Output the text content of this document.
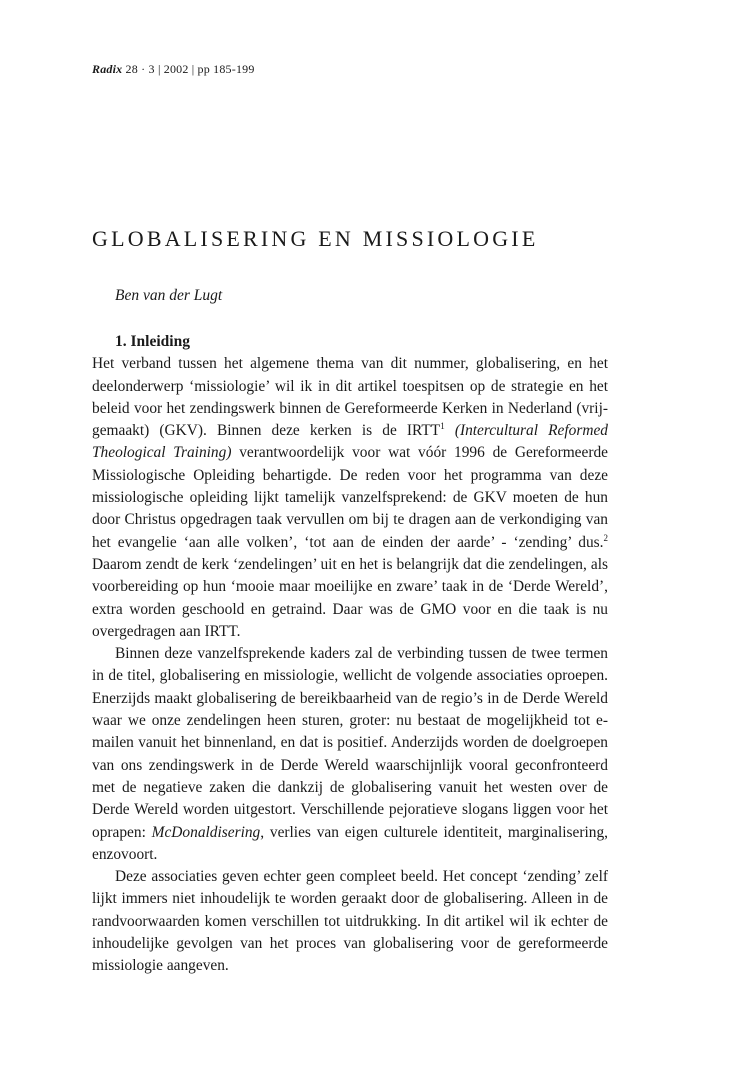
Radix 28 · 3 | 2002 | pp 185-199
GLOBALISERING EN MISSIOLOGIE
Ben van der Lugt
1. Inleiding

Het verband tussen het algemene thema van dit nummer, globalisering, en het deelonderwerp ‘missiologie’ wil ik in dit artikel toespitsen op de strategie en het beleid voor het zendingswerk binnen de Gereformeerde Kerken in Nederland (vrijgemaakt) (GKV). Binnen deze kerken is de IRTT$^1$ (Intercultural Reformed Theological Training) verantwoordelijk voor wat vóór 1996 de Gereformeerde Missiologische Opleiding behartigde. De reden voor het programma van deze missiologische opleiding lijkt tamelijk vanzelfsprekend: de GKV moeten de hun door Christus opgedragen taak vervullen om bij te dragen aan de verkondiging van het evangelie ‘aan alle volken’, ‘tot aan de einden der aarde’ - ‘zending’ dus.$^2$ Daarom zendt de kerk ‘zendelingen’ uit en het is belangrijk dat die zendelingen, als voorbereiding op hun ‘mooie maar moeilijke en zware’ taak in de ‘Derde Wereld’, extra worden geschoold en getraind. Daar was de GMO voor en die taak is nu overgedragen aan IRTT.

Binnen deze vanzelfsprekende kaders zal de verbinding tussen de twee termen in de titel, globalisering en missiologie, wellicht de volgende associaties oproepen. Enerzijds maakt globalisering de bereikbaarheid van de regio’s in de Derde Wereld waar we onze zendelingen heen sturen, groter: nu bestaat de mogelijkheid tot e-mailen vanuit het binnenland, en dat is positief. Anderzijds worden de doelgroepen van ons zendingswerk in de Derde Wereld waarschijnlijk vooral geconfronteerd met de negatieve zaken die dankzij de globalisering vanuit het westen over de Derde Wereld worden uitgestort. Verschillende pejoratieve slogans liggen voor het oprapen: McDonaldisering, verlies van eigen culturele identiteit, marginalisering, enzovoort.

Deze associaties geven echter geen compleet beeld. Het concept ‘zending’ zelf lijkt immers niet inhoudelijk te worden geraakt door de globalisering. Alleen in de randvoorwaarden komen verschillen tot uitdrukking. In dit artikel wil ik echter de inhoudelijke gevolgen van het proces van globalisering voor de gereformeerde missiologie aangeven.
